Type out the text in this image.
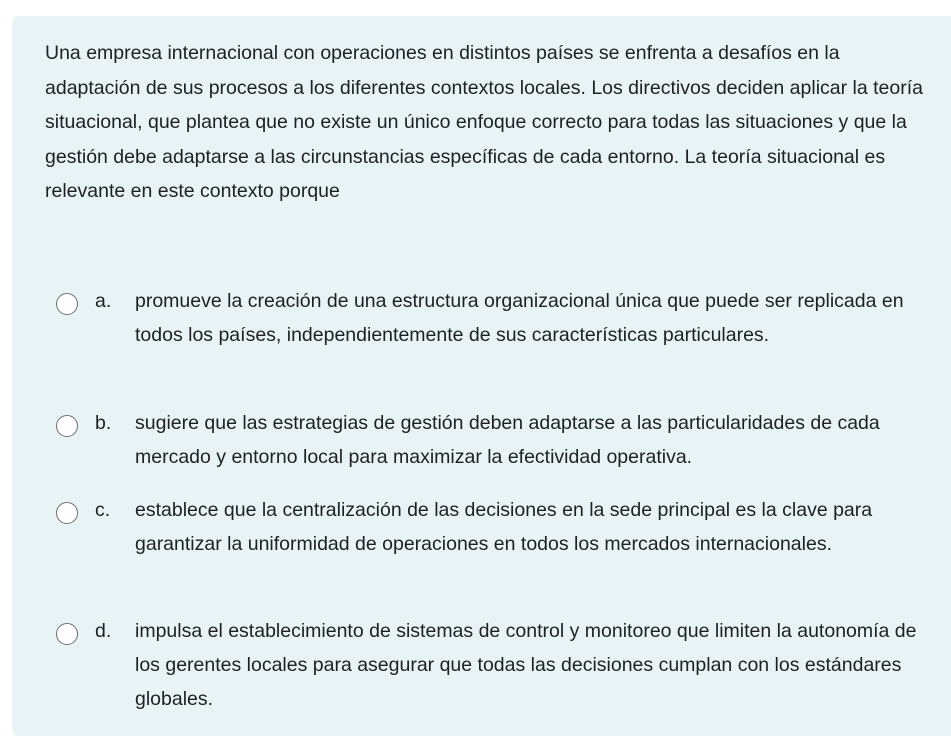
Una empresa internacional con operaciones en distintos países se enfrenta a desafíos en la adaptación de sus procesos a los diferentes contextos locales. Los directivos deciden aplicar la teoría situacional, que plantea que no existe un único enfoque correcto para todas las situaciones y que la gestión debe adaptarse a las circunstancias específicas de cada entorno. La teoría situacional es relevante en este contexto porque

a. promueve la creación de una estructura organizacional única que puede ser replicada en todos los países, independientemente de sus características particulares.
b. sugiere que las estrategias de gestión deben adaptarse a las particularidades de cada mercado y entorno local para maximizar la efectividad operativa.
c. establece que la centralización de las decisiones en la sede principal es la clave para garantizar la uniformidad de operaciones en todos los mercados internacionales.
d. impulsa el establecimiento de sistemas de control y monitoreo que limiten la autonomía de los gerentes locales para asegurar que todas las decisiones cumplan con los estándares globales.
